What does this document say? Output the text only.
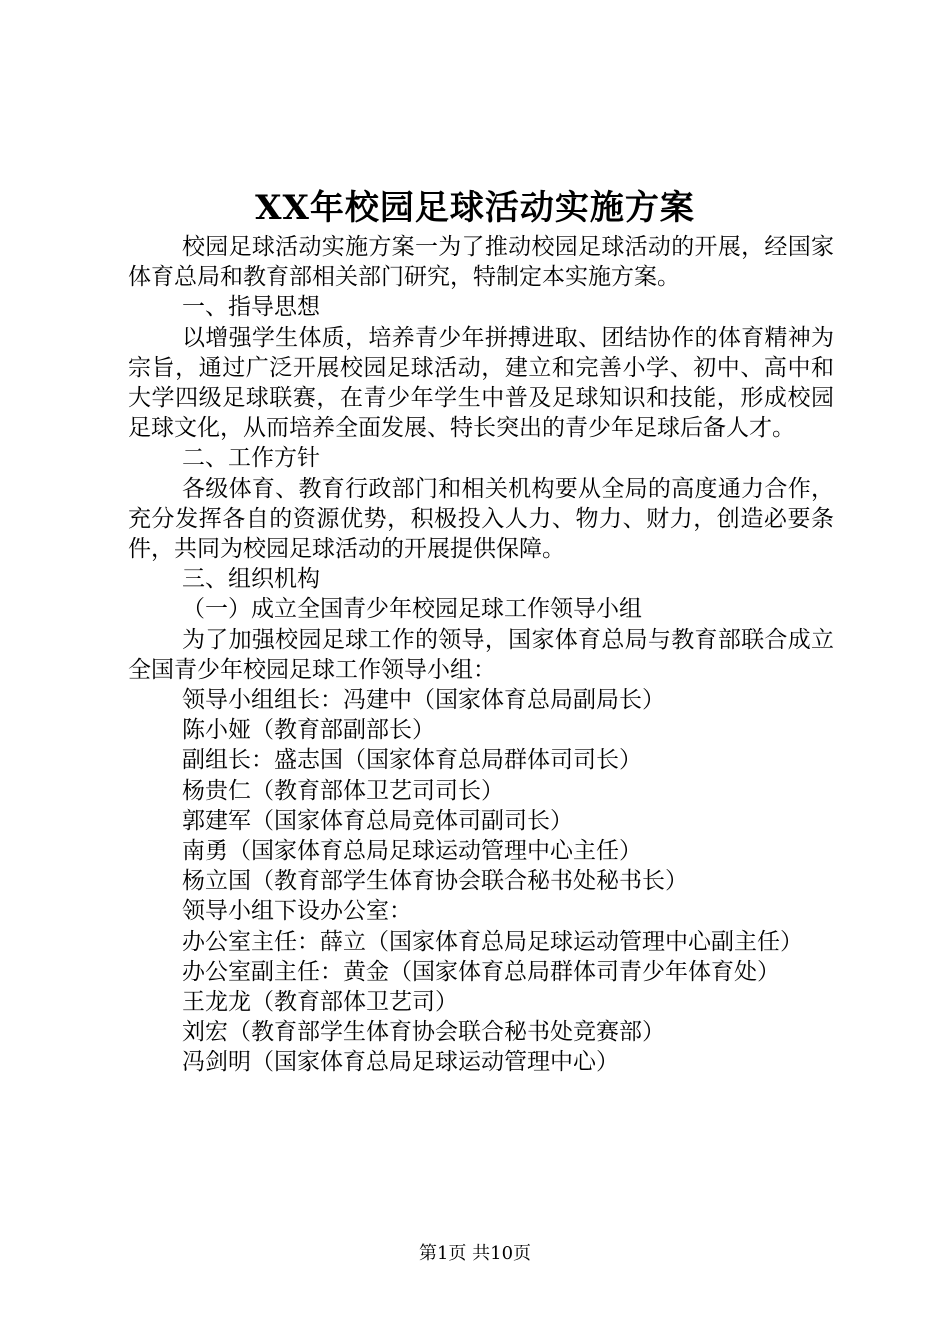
XX年校园足球活动实施方案

校园足球活动实施方案一为了推动校园足球活动的开展，经国家体育总局和教育部相关部门研究，特制定本实施方案。

一、指导思想

以增强学生体质，培养青少年拼搏进取、团结协作的体育精神为宗旨，通过广泛开展校园足球活动，建立和完善小学、初中、高中和大学四级足球联赛，在青少年学生中普及足球知识和技能，形成校园足球文化，从而培养全面发展、特长突出的青少年足球后备人才。

二、工作方针

各级体育、教育行政部门和相关机构要从全局的高度通力合作，充分发挥各自的资源优势，积极投入人力、物力、财力，创造必要条件，共同为校园足球活动的开展提供保障。

三、组织机构

（一）成立全国青少年校园足球工作领导小组

为了加强校园足球工作的领导，国家体育总局与教育部联合成立全国青少年校园足球工作领导小组：

领导小组组长：冯建中（国家体育总局副局长）

陈小娅（教育部副部长）

副组长：盛志国（国家体育总局群体司司长）

杨贵仁（教育部体卫艺司司长）

郭建军（国家体育总局竞体司副司长）

南勇（国家体育总局足球运动管理中心主任）

杨立国（教育部学生体育协会联合秘书处秘书长）

领导小组下设办公室：

办公室主任：薛立（国家体育总局足球运动管理中心副主任）

办公室副主任：黄金（国家体育总局群体司青少年体育处）

王龙龙（教育部体卫艺司）

刘宏（教育部学生体育协会联合秘书处竞赛部）

冯剑明（国家体育总局足球运动管理中心）

第1页 共10页
